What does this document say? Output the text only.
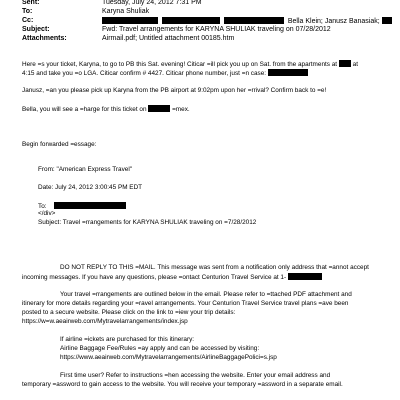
Sent:	Tuesday, July 24, 2012 7:31 PM
To:	Karyna Shuliak
Cc:	Bella Klein; Janusz Banasiak;
Subject:	Fwd: Travel arrangements for KARYNA SHULIAK traveling on 07/28/2012
Attachments:	Airmail.pdf; Untitled attachment 00185.htm
Here =s your ticket, Karyna, to go to PB this Sat. evening! Citicar =ill pick you up on Sat. from the apartments at at
4:15 and take you =o LGA. Citicar confirm # 4427. Citicar phone number, just =n case:
Janusz, =an you please pick up Karyna from the PB airport at 9:02pm upon her =rrival? Confirm back to =e!
Bella, you will see a =harge for this ticket on	=mex.
Begin forwarded =essage:
From: "American Express Travel"
Date: July 24, 2012 3:00:45 PM EDT
To:
</div>
Subject: Travel =rrangements for KARYNA SHULIAK traveling on =7/28/2012
DO NOT REPLY TO THIS =MAIL. This message was sent from a notification only address that =annot accept
incoming messages. If you have any questions, please =ontact Centurion Travel Service at 1-
Your travel =rrangements are outlined below in the email. Please refer to =ttached PDF attachment and
itinerary for more details regarding your =ravel arrangements. Your Centurion Travel Service travel plans =ave been
posted to a secure website. Please click on the link to =iew your trip details:
https://w=w.aeairweb.com/Mytravelarrangements/index.jsp
If airline =ickets are purchased for this itinerary:
Airline Baggage Fee/Rules =ay apply and can be accessed by visiting:
https://www.aeairweb.com/Mytravelarrangements/AirlineBaggagePolici=s.jsp
First time user? Refer to instructions =hen accessing the website. Enter your email address and
temporary =assword to gain access to the website. You will receive your temporary =assword in a separate email.
